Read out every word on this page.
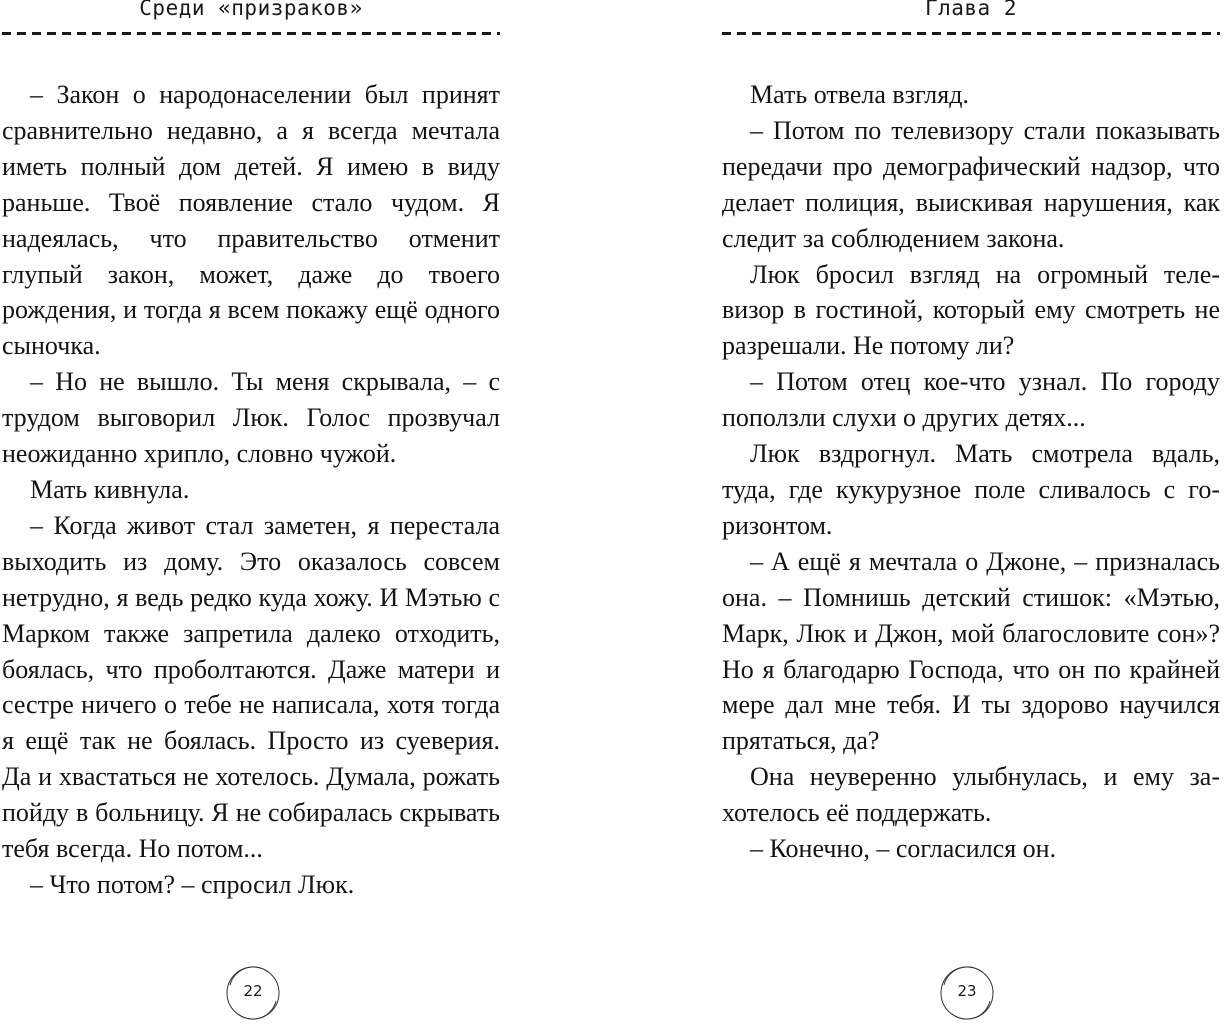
Среди «призраков»

– Закон о народонаселении был принят сравнительно недавно, а я всегда мечтала иметь полный дом детей. Я имею в виду раньше. Твоё появление стало чудом. Я надеялась, что правительство отменит глупый закон, может, даже до твоего рождения, и тогда я всем покажу ещё одного сыночка.

– Но не вышло. Ты меня скрывала, – с трудом выговорил Люк. Голос прозвучал неожиданно хрипло, словно чужой.

Мать кивнула.

– Когда живот стал заметен, я перестала выходить из дому. Это оказалось совсем нетрудно, я ведь редко куда хожу. И Мэтью с Марком также запретила далеко отходить, боялась, что проболтаются. Даже матери и сестре ничего о тебе не написала, хотя тогда я ещё так не боялась. Просто из суеверия. Да и хвастаться не хотелось. Думала, рожать пойду в больницу. Я не собиралась скрывать тебя всегда. Но потом...

– Что потом? – спросил Люк.

22
Глава 2

Мать отвела взгляд.

– Потом по телевизору стали показывать передачи про демографический надзор, что делает полиция, выискивая нарушения, как следит за соблюдением закона.

Люк бросил взгляд на огромный телевизор в гостиной, который ему смотреть не разрешали. Не потому ли?

– Потом отец кое-что узнал. По городу поползли слухи о других детях...

Люк вздрогнул. Мать смотрела вдаль, туда, где кукурузное поле сливалось с горизонтом.

– А ещё я мечтала о Джоне, – призналась она. – Помнишь детский стишок: «Мэтью, Марк, Люк и Джон, мой благословите сон»? Но я благодарю Господа, что он по крайней мере дал мне тебя. И ты здорово научился прятаться, да?

Она неуверенно улыбнулась, и ему захотелось её поддержать.

– Конечно, – согласился он.

23
